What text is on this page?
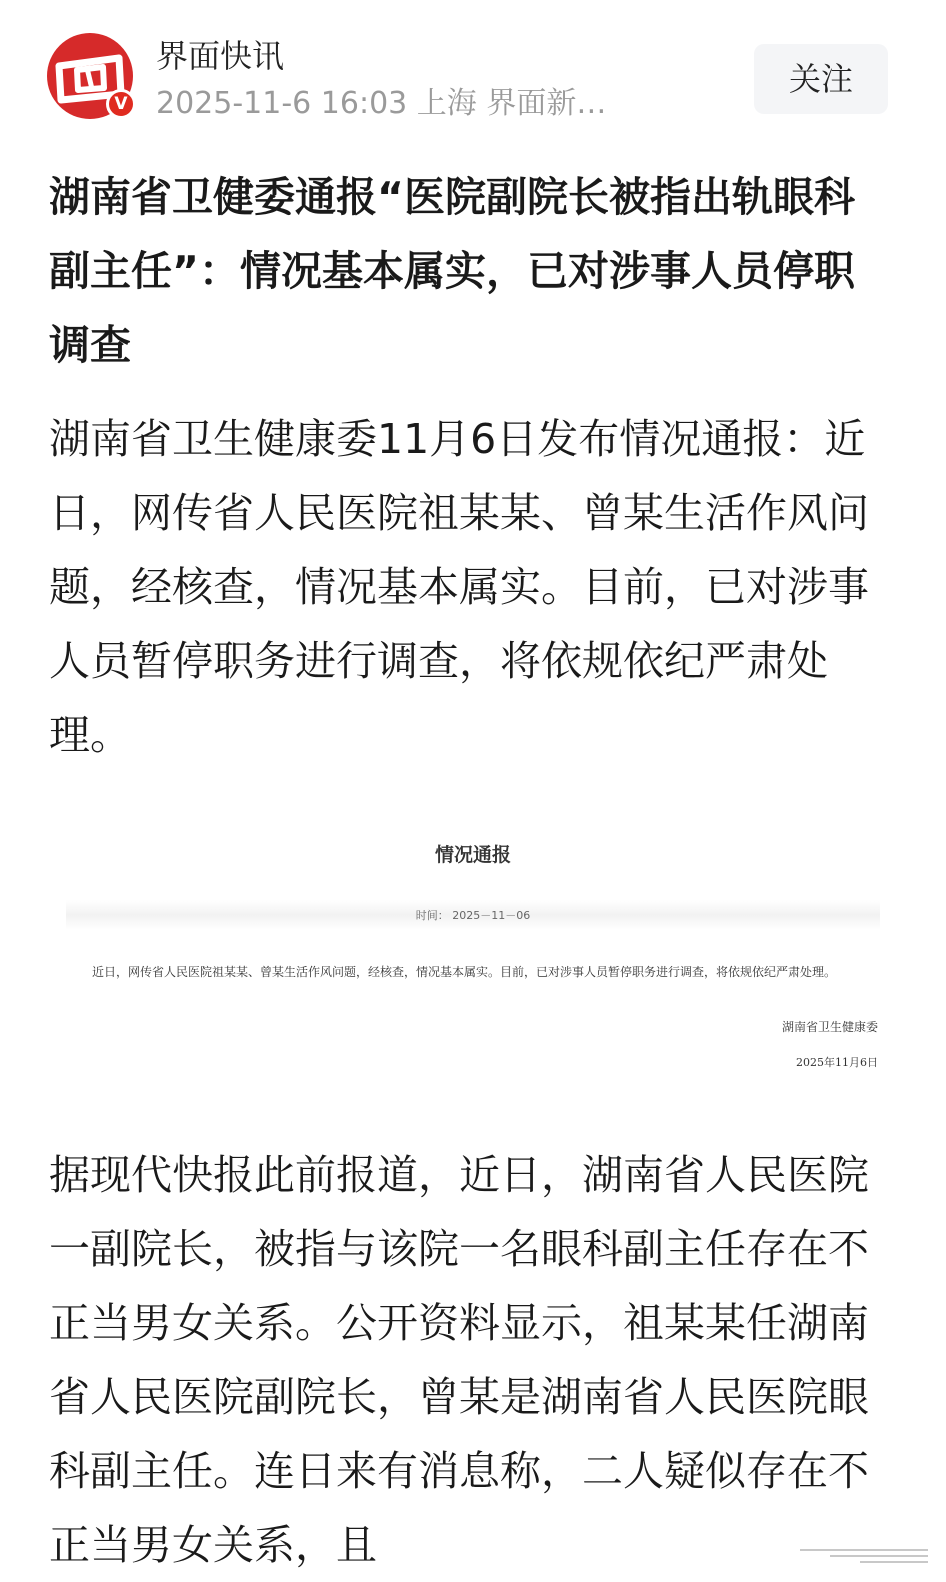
V
界面快讯
2025-11-6 16:03 上海 界面新…
关注
湖南省卫健委通报“医院副院长被指出轨眼科副主任”：情况基本属实，已对涉事人员停职调查

湖南省卫生健康委11月6日发布情况通报：近日，网传省人民医院祖某某、曾某生活作风问题，经核查，情况基本属实。目前，已对涉事人员暂停职务进行调查，将依规依纪严肃处理。

情况通报
时间： 2025－11－06

近日，网传省人民医院祖某某、曾某生活作风问题，经核查，情况基本属实。目前，已对涉事人员暂停职务进行调查，将依规依纪严肃处理。

湖南省卫生健康委
2025年11月6日

据现代快报此前报道，近日，湖南省人民医院一副院长，被指与该院一名眼科副主任存在不正当男女关系。公开资料显示，祖某某任湖南省人民医院副院长，曾某是湖南省人民医院眼科副主任。连日来有消息称，二人疑似存在不正当男女关系，且
